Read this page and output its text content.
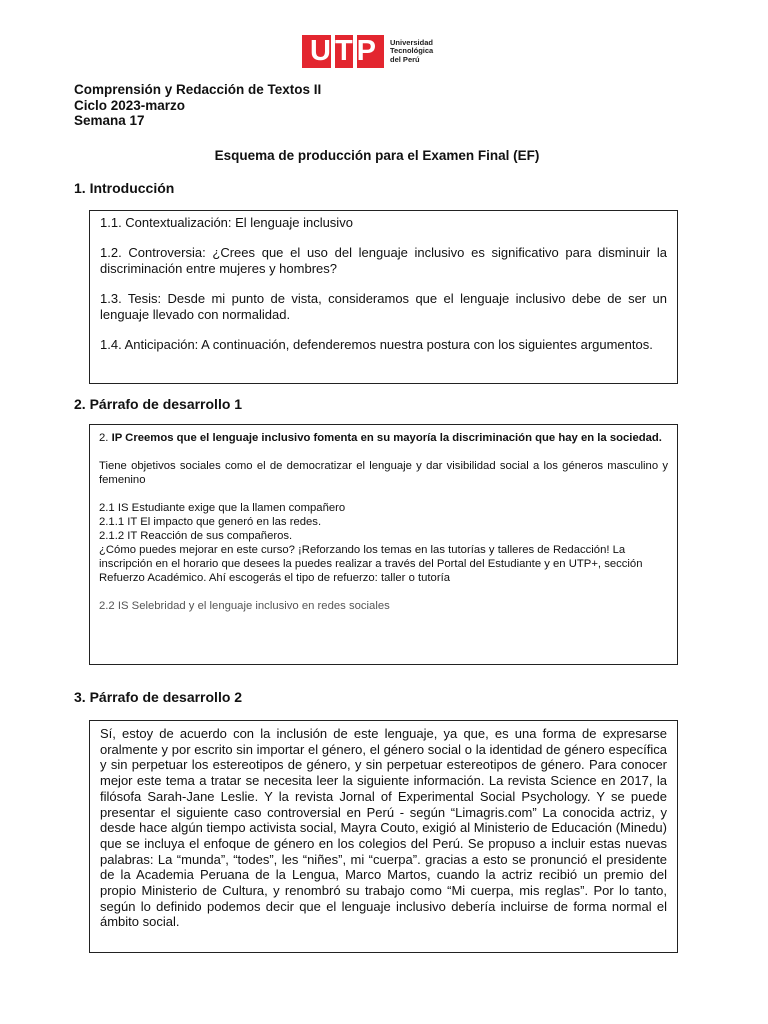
U T P Universidad
Tecnológica
del Perú
Comprensión y Redacción de Textos II
Ciclo 2023-marzo
Semana 17
Esquema de producción para el Examen Final (EF)
1. Introducción

1.1. Contextualización: El lenguaje inclusivo

1.2. Controversia: ¿Crees que el uso del lenguaje inclusivo es significativo para disminuir la discriminación entre mujeres y hombres?

1.3. Tesis: Desde mi punto de vista, consideramos que el lenguaje inclusivo debe de ser un lenguaje llevado con normalidad.

1.4. Anticipación: A continuación, defenderemos nuestra postura con los siguientes argumentos.

2. Párrafo de desarrollo 1

2. IP Creemos que el lenguaje inclusivo fomenta en su mayoría la discriminación que hay en la sociedad.

Tiene objetivos sociales como el de democratizar el lenguaje y dar visibilidad social a los géneros masculino y femenino

2.1 IS Estudiante exige que la llamen compañero

2.1.1 IT El impacto que generó en las redes.

2.1.2 IT Reacción de sus compañeros.

¿Cómo puedes mejorar en este curso? ¡Reforzando los temas en las tutorías y talleres de Redacción! La

inscripción en el horario que desees la puedes realizar a través del Portal del Estudiante y en UTP+, sección

Refuerzo Académico. Ahí escogerás el tipo de refuerzo: taller o tutoría

2.2 IS Selebridad y el lenguaje inclusivo en redes sociales

3. Párrafo de desarrollo 2

Sí, estoy de acuerdo con la inclusión de este lenguaje, ya que, es una forma de expresarse oralmente y por escrito sin importar el género, el género social o la identidad de género específica y sin perpetuar los estereotipos de género, y sin perpetuar estereotipos de género. Para conocer mejor este tema a tratar se necesita leer la siguiente información. La revista Science en 2017, la filósofa Sarah-Jane Leslie. Y la revista Jornal of Experimental Social Psychology. Y se puede presentar el siguiente caso controversial en Perú - según “Limagris.com” La conocida actriz, y desde hace algún tiempo activista social, Mayra Couto, exigió al Ministerio de Educación (Minedu) que se incluya el enfoque de género en los colegios del Perú. Se propuso a incluir estas nuevas palabras: La “munda”, “todes”, les “niñes”, mi “cuerpa”. gracias a esto se pronunció el presidente de la Academia Peruana de la Lengua, Marco Martos, cuando la actriz recibió un premio del propio Ministerio de Cultura, y renombró su trabajo como “Mi cuerpa, mis reglas”. Por lo tanto, según lo definido podemos decir que el lenguaje inclusivo debería incluirse de forma normal el ámbito social.
